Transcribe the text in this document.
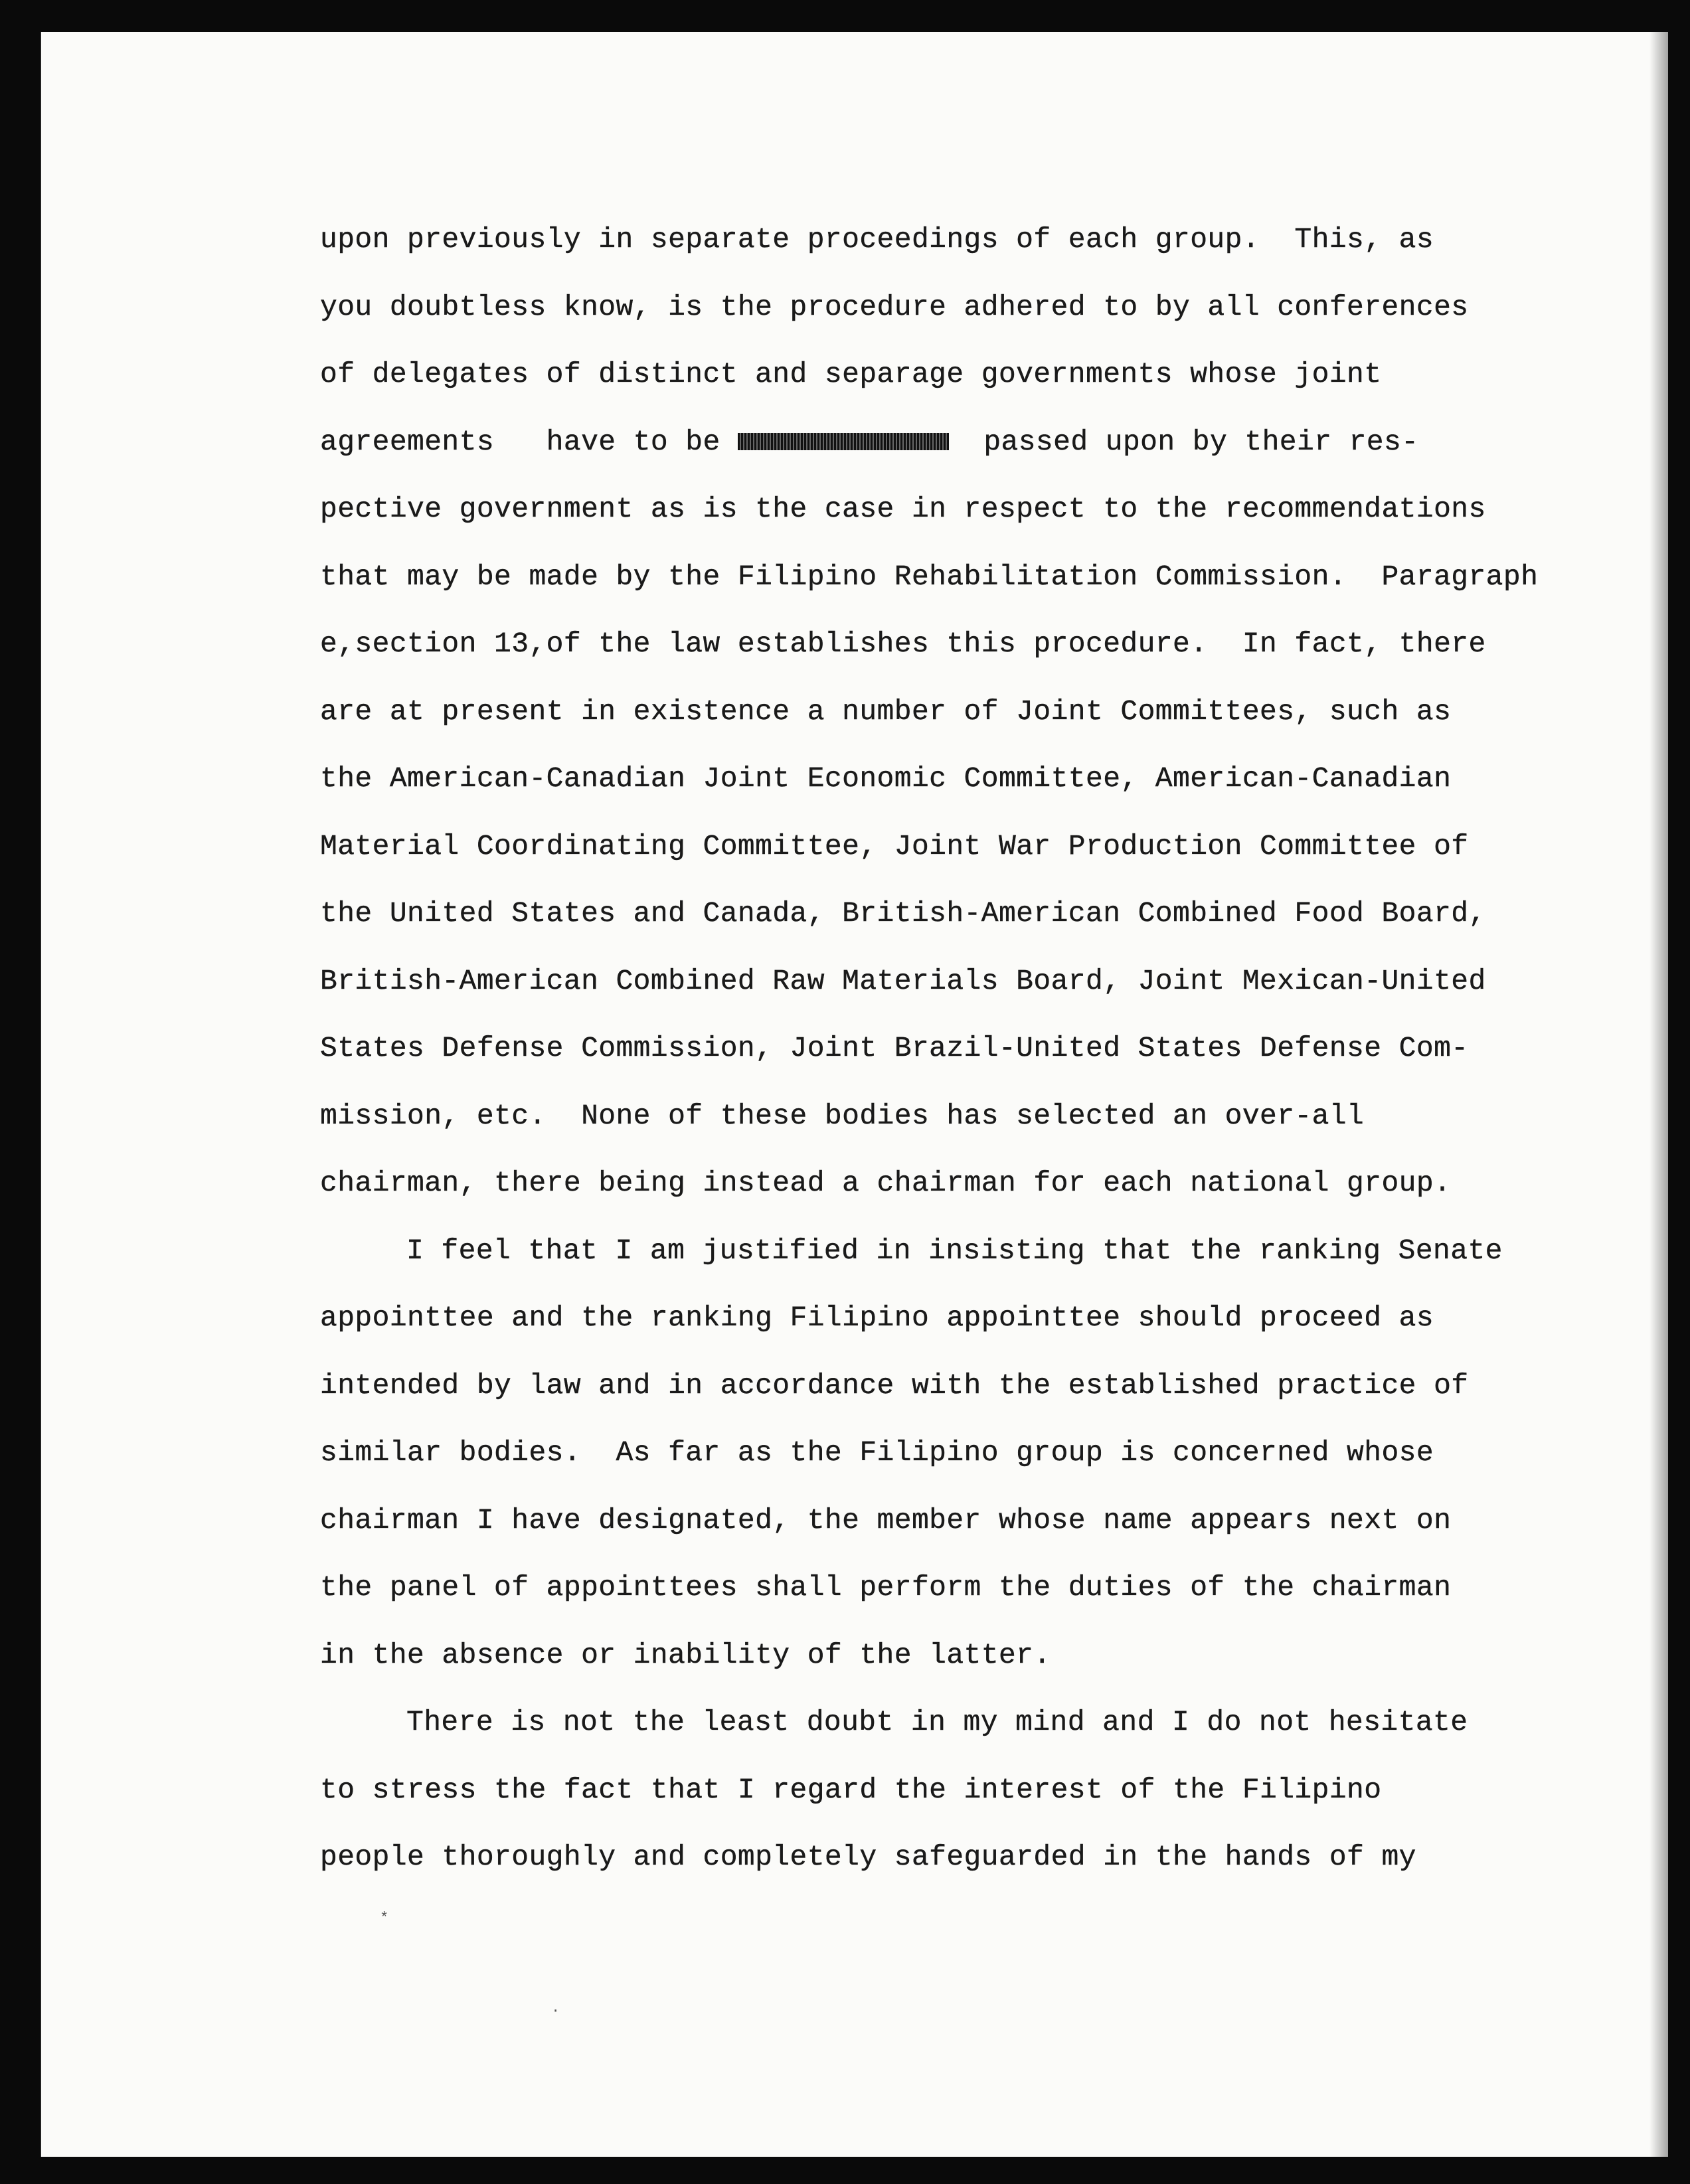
upon previously in separate proceedings of each group.  This, as
you doubtless know, is the procedure adhered to by all conferences
of delegates of distinct and separage governments whose joint
agreements   have to be	passed upon by their res-
pective government as is the case in respect to the recommendations
that may be made by the Filipino Rehabilitation Commission.  Paragraph
e,section 13,of the law establishes this procedure.  In fact, there
are at present in existence a number of Joint Committees, such as
the American-Canadian Joint Economic Committee, American-Canadian
Material Coordinating Committee, Joint War Production Committee of
the United States and Canada, British-American Combined Food Board,
British-American Combined Raw Materials Board, Joint Mexican-United
States Defense Commission, Joint Brazil-United States Defense Com-
mission, etc.  None of these bodies has selected an over-all
chairman, there being instead a chairman for each national group.
I feel that I am justified in insisting that the ranking Senate
appointtee and the ranking Filipino appointtee should proceed as
intended by law and in accordance with the established practice of
similar bodies.  As far as the Filipino group is concerned whose
chairman I have designated, the member whose name appears next on
the panel of appointtees shall perform the duties of the chairman
in the absence or inability of the latter.
There is not the least doubt in my mind and I do not hesitate
to stress the fact that I regard the interest of the Filipino
people thoroughly and completely safeguarded in the hands of my
*
·
